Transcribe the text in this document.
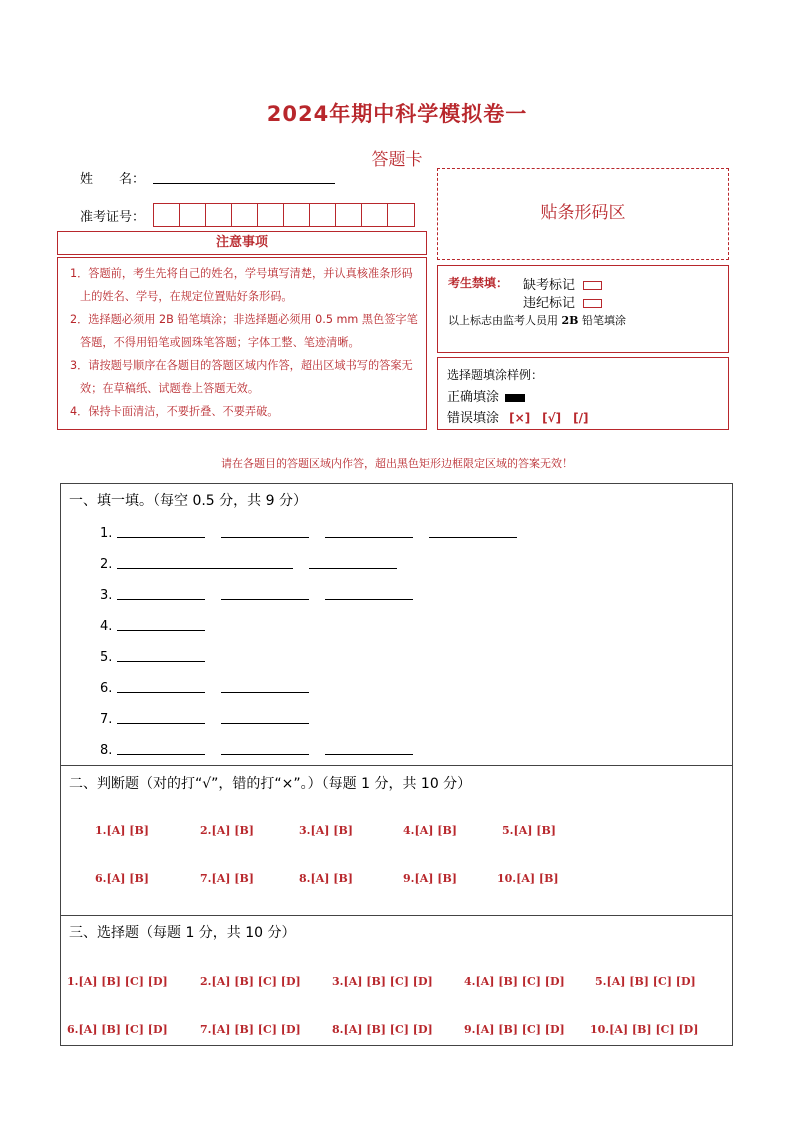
2024年期中科学模拟卷一
答题卡
姓　　名：
准考证号：	贴条形码区
注意事项
1．答题前，考生先将自己的姓名，学号填写清楚，并认真核准条形码上的姓名、学号，在规定位置贴好条形码。
2．选择题必须用 2B 铅笔填涂；非选择题必须用 0.5 mm 黑色签字笔答题，不得用铅笔或圆珠笔答题；字体工整、笔迹清晰。
3．请按题号顺序在各题目的答题区域内作答，超出区域书写的答案无效；在草稿纸、试题卷上答题无效。
4．保持卡面清洁，不要折叠、不要弄破。
考生禁填： 缺考标记
违纪标记
以上标志由监考人员用 2B 铅笔填涂
选择题填涂样例：
正确填涂
错误填涂 [×]　[√]　[/]
请在各题目的答题区域内作答，超出黑色矩形边框限定区域的答案无效！
一、填一填。（每空 0.5 分，共 9 分）
1.
2.
3.
4.
5.
6.
7.
8.
二、判断题（对的打“√”，错的打“×”。）（每题 1 分，共 10 分）
1.[A] [B]	2.[A] [B]	3.[A] [B]	4.[A] [B]	5.[A] [B]
6.[A] [B]	7.[A] [B]	8.[A] [B]	9.[A] [B]	10.[A] [B]
三、选择题（每题 1 分，共 10 分）
1.[A] [B] [C] [D]	2.[A] [B] [C] [D]	3.[A] [B] [C] [D]	4.[A] [B] [C] [D]	5.[A] [B] [C] [D]
6.[A] [B] [C] [D]	7.[A] [B] [C] [D]	8.[A] [B] [C] [D]	9.[A] [B] [C] [D] 10.[A] [B] [C] [D]
